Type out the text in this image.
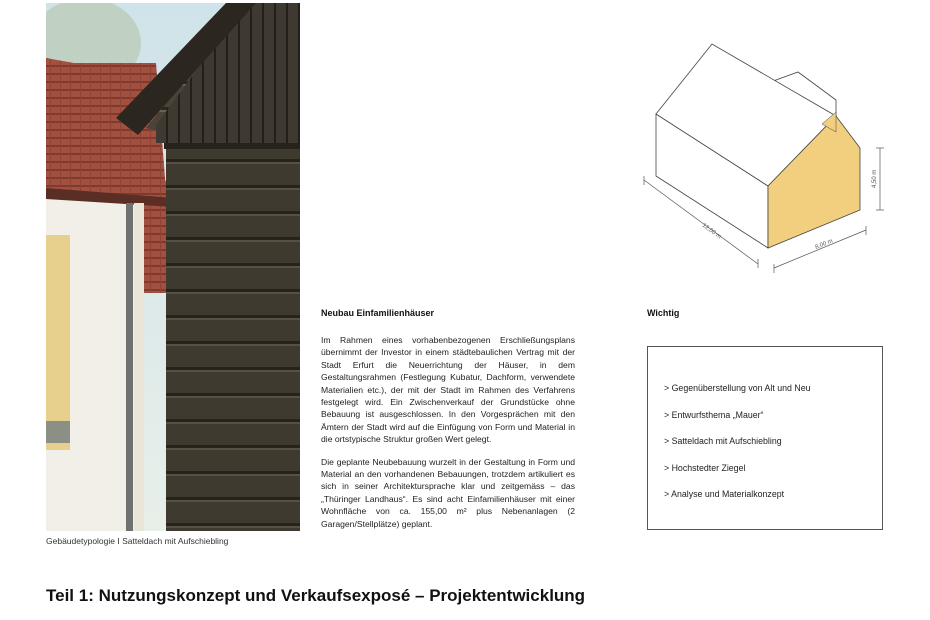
Gebäudetypologie I Satteldach mit Aufschiebling
12,00 m
8,00 m
4,50 m
Neubau Einfamilienhäuser

Im Rahmen eines vorhabenbezogenen Erschließungsplans übernimmt der Investor in einem städtebaulichen Vertrag mit der Stadt Erfurt die Neuerrichtung der Häuser, in dem Gestaltungsrahmen (Festlegung Kubatur, Dachform, verwendete Materialien etc.), der mit der Stadt im Rahmen des Verfahrens festgelegt wird. Ein Zwischenverkauf der Grundstücke ohne Bebauung ist ausgeschlossen. In den Vorgesprächen mit den Ämtern der Stadt wird auf die Einfügung von Form und Material in die ortstypische Struktur großen Wert gelegt.

Die geplante Neubebauung wurzelt in der Gestaltung in Form und Material an den vorhandenen Bebauungen, trotzdem artikuliert es sich in seiner Architektursprache klar und zeitgemäss – das „Thüringer Landhaus“. Es sind acht Einfamilienhäuser mit einer Wohnfläche von ca. 155,00 m² plus Nebenanlagen (2 Garagen/Stellplätze) geplant.

Wichtig
> Gegenüberstellung von Alt und Neu
> Entwurfsthema „Mauer“
> Satteldach mit Aufschiebling
> Hochstedter Ziegel
> Analyse und Materialkonzept
Teil 1: Nutzungskonzept und Verkaufsexposé – Projektentwicklung
